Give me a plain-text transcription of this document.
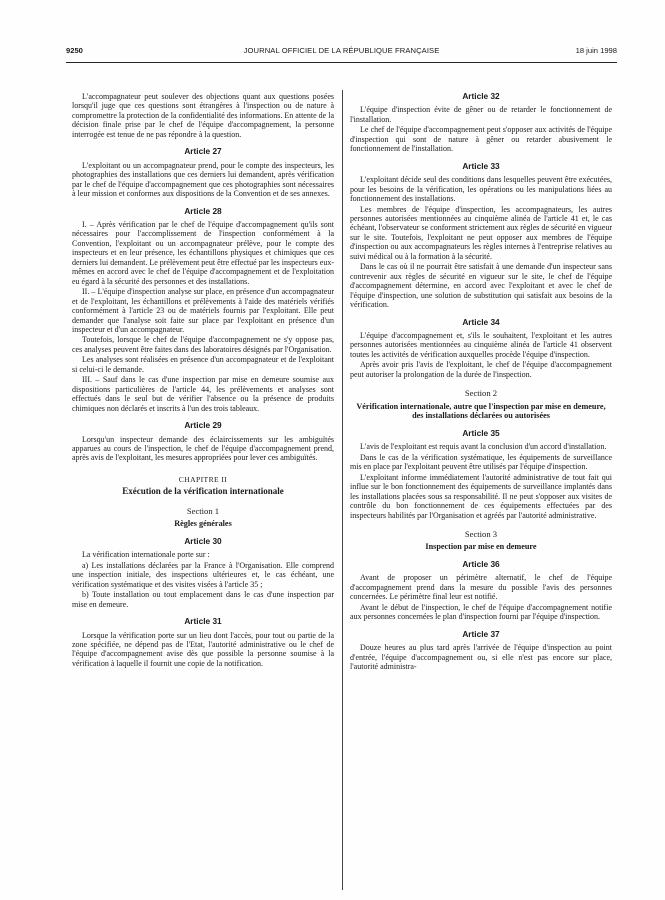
9250	JOURNAL OFFICIEL DE LA RÉPUBLIQUE FRANÇAISE	18 juin 1998

L'accompagnateur peut soulever des objections quant aux questions posées lorsqu'il juge que ces questions sont étrangères à l'inspection ou de nature à compromettre la protection de la confidentialité des informations. En attente de la décision finale prise par le chef de l'équipe d'accompagnement, la personne interrogée est tenue de ne pas répondre à la question.

Article 27

L'exploitant ou un accompagnateur prend, pour le compte des inspecteurs, les photographies des installations que ces derniers lui demandent, après vérification par le chef de l'équipe d'accompagnement que ces photographies sont nécessaires à leur mission et conformes aux dispositions de la Convention et de ses annexes.

Article 28

I. – Après vérification par le chef de l'équipe d'accompagnement qu'ils sont nécessaires pour l'accomplissement de l'inspection conformément à la Convention, l'exploitant ou un accompagnateur prélève, pour le compte des inspecteurs et en leur présence, les échantillons physiques et chimiques que ces derniers lui demandent. Le prélèvement peut être effectué par les inspecteurs eux-mêmes en accord avec le chef de l'équipe d'accompagnement et de l'exploitation eu égard à la sécurité des personnes et des installations.

II. – L'équipe d'inspection analyse sur place, en présence d'un accompagnateur et de l'exploitant, les échantillons et prélèvements à l'aide des matériels vérifiés conformément à l'article 23 ou de matériels fournis par l'exploitant. Elle peut demander que l'analyse soit faite sur place par l'exploitant en présence d'un inspecteur et d'un accompagnateur.

Toutefois, lorsque le chef de l'équipe d'accompagnement ne s'y oppose pas, ces analyses peuvent être faites dans des laboratoires désignés par l'Organisation.

Les analyses sont réalisées en présence d'un accompagnateur et de l'exploitant si celui-ci le demande.

III. – Sauf dans le cas d'une inspection par mise en demeure soumise aux dispositions particulières de l'article 44, les prélèvements et analyses sont effectués dans le seul but de vérifier l'absence ou la présence de produits chimiques non déclarés et inscrits à l'un des trois tableaux.

Article 29

Lorsqu'un inspecteur demande des éclaircissements sur les ambiguïtés apparues au cours de l'inspection, le chef de l'équipe d'accompagnement prend, après avis de l'exploitant, les mesures appropriées pour lever ces ambiguïtés.

CHAPITRE II
Exécution de la vérification internationale
Section 1
Règles générales
Article 30

La vérification internationale porte sur :

a) Les installations déclarées par la France à l'Organisation. Elle comprend une inspection initiale, des inspections ultérieures et, le cas échéant, une vérification systématique et des visites visées à l'article 35 ;

b) Toute installation ou tout emplacement dans le cas d'une inspection par mise en demeure.

Article 31

Lorsque la vérification porte sur un lieu dont l'accès, pour tout ou partie de la zone spécifiée, ne dépend pas de l'Etat, l'autorité administrative ou le chef de l'équipe d'accompagnement avise dès que possible la personne soumise à la vérification à laquelle il fournit une copie de la notification.

Article 32

L'équipe d'inspection évite de gêner ou de retarder le fonctionnement de l'installation.

Le chef de l'équipe d'accompagnement peut s'opposer aux activités de l'équipe d'inspection qui sont de nature à gêner ou retarder abusivement le fonctionnement de l'installation.

Article 33

L'exploitant décide seul des conditions dans lesquelles peuvent être exécutées, pour les besoins de la vérification, les opérations ou les manipulations liées au fonctionnement des installations.

Les membres de l'équipe d'inspection, les accompagnateurs, les autres personnes autorisées mentionnées au cinquième alinéa de l'article 41 et, le cas échéant, l'observateur se conforment strictement aux règles de sécurité en vigueur sur le site. Toutefois, l'exploitant ne peut opposer aux membres de l'équipe d'inspection ou aux accompagnateurs les règles internes à l'entreprise relatives au suivi médical ou à la formation à la sécurité.

Dans le cas où il ne pourrait être satisfait à une demande d'un inspecteur sans contrevenir aux règles de sécurité en vigueur sur le site, le chef de l'équipe d'accompagnement détermine, en accord avec l'exploitant et avec le chef de l'équipe d'inspection, une solution de substitution qui satisfait aux besoins de la vérification.

Article 34

L'équipe d'accompagnement et, s'ils le souhaitent, l'exploitant et les autres personnes autorisées mentionnées au cinquième alinéa de l'article 41 observent toutes les activités de vérification auxquelles procède l'équipe d'inspection.

Après avoir pris l'avis de l'exploitant, le chef de l'équipe d'accompagnement peut autoriser la prolongation de la durée de l'inspection.

Section 2
Vérification internationale, autre que l'inspection par mise en demeure, des installations déclarées ou autorisées
Article 35

L'avis de l'exploitant est requis avant la conclusion d'un accord d'installation.

Dans le cas de la vérification systématique, les équipements de surveillance mis en place par l'exploitant peuvent être utilisés par l'équipe d'inspection.

L'exploitant informe immédiatement l'autorité administrative de tout fait qui influe sur le bon fonctionnement des équipements de surveillance implantés dans les installations placées sous sa responsabilité. Il ne peut s'opposer aux visites de contrôle du bon fonctionnement de ces équipements effectuées par des inspecteurs habilités par l'Organisation et agréés par l'autorité administrative.

Section 3
Inspection par mise en demeure
Article 36

Avant de proposer un périmètre alternatif, le chef de l'équipe d'accompagnement prend dans la mesure du possible l'avis des personnes concernées. Le périmètre final leur est notifié.

Avant le début de l'inspection, le chef de l'équipe d'accompagnement notifie aux personnes concernées le plan d'inspection fourni par l'équipe d'inspection.

Article 37

Douze heures au plus tard après l'arrivée de l'équipe d'inspection au point d'entrée, l'équipe d'accompagnement ou, si elle n'est pas encore sur place, l'autorité administra-
